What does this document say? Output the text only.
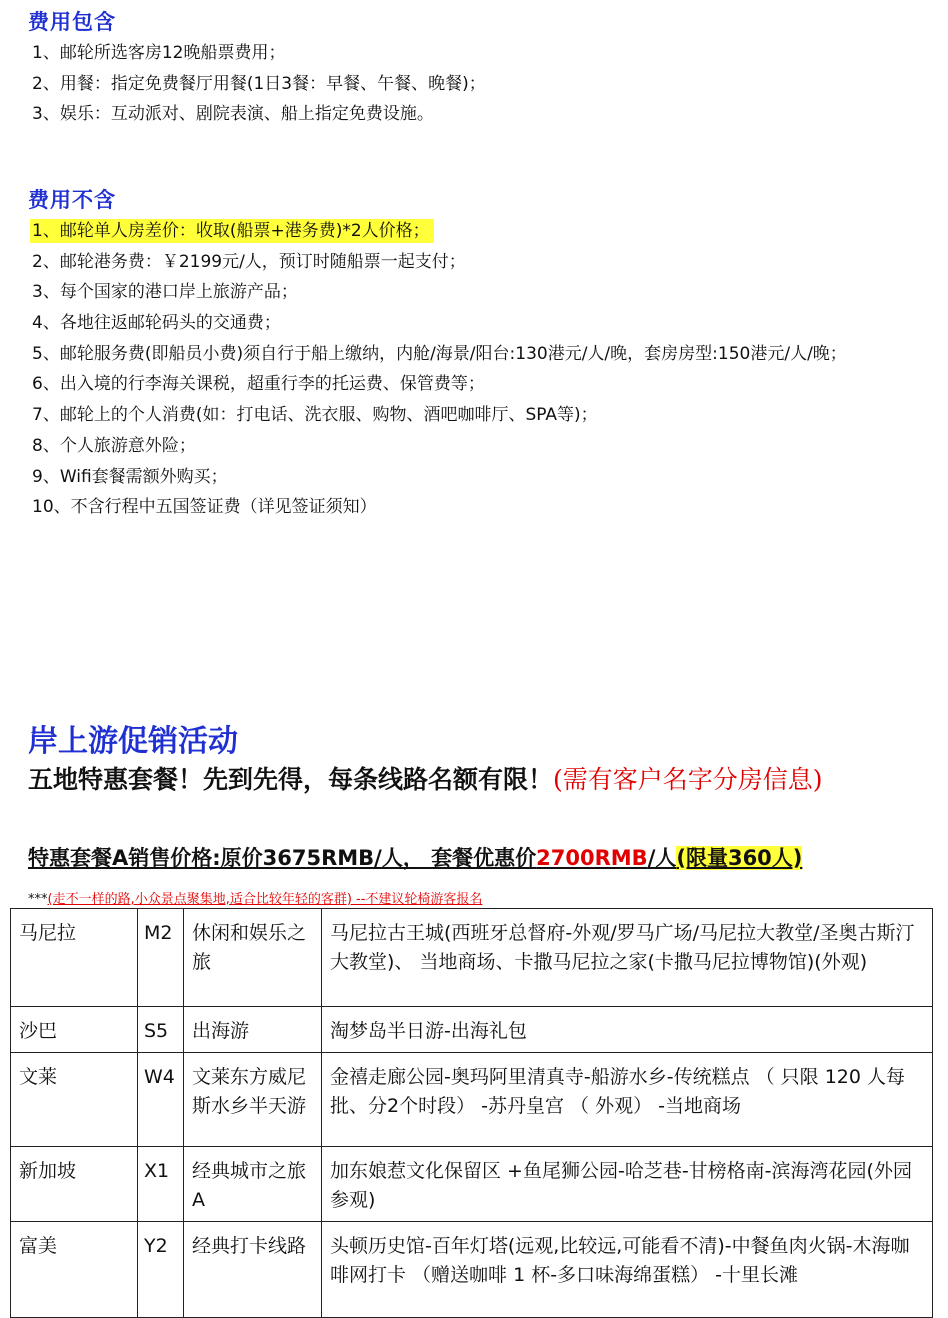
费用包含
1、邮轮所选客房12晚船票费用；
2、用餐：指定免费餐厅用餐(1日3餐：早餐、午餐、晚餐)；
3、娱乐：互动派对、剧院表演、船上指定免费设施。
费用不含
1、邮轮单人房差价：收取(船票+港务费)*2人价格；
2、邮轮港务费：￥2199元/人，预订时随船票一起支付；
3、每个国家的港口岸上旅游产品；
4、各地往返邮轮码头的交通费；
5、邮轮服务费(即船员小费)须自行于船上缴纳，内舱/海景/阳台:130港元/人/晚，套房房型:150港元/人/晚；
6、出入境的行李海关课税，超重行李的托运费、保管费等；
7、邮轮上的个人消费(如：打电话、洗衣服、购物、酒吧咖啡厅、SPA等)；
8、个人旅游意外险；
9、Wifi套餐需额外购买；
10、不含行程中五国签证费（详见签证须知）
岸上游促销活动
五地特惠套餐！先到先得，每条线路名额有限！(需有客户名字分房信息)
特惠套餐A销售价格:原价3675RMB/人， 套餐优惠价2700RMB/人(限量360人)
***(走不一样的路,小众景点聚集地,适合比较年轻的客群) --不建议轮椅游客报名
马尼拉	M2	休闲和娱乐之旅	马尼拉古王城(西班牙总督府-外观/罗马广场/马尼拉大教堂/圣奥古斯汀大教堂)、 当地商场、卡撒马尼拉之家(卡撒马尼拉博物馆)(外观)
沙巴	S5	出海游	淘梦岛半日游-出海礼包
文莱	W4	文莱东方威尼斯水乡半天游	金禧走廊公园-奥玛阿里清真寺-船游水乡-传统糕点 （ 只限 120 人每批、分2个时段） -苏丹皇宫 （ 外观） -当地商场
新加坡	X1	经典城市之旅A	加东娘惹文化保留区 +鱼尾狮公园-哈芝巷-甘榜格南-滨海湾花园(外园参观)
富美	Y2	经典打卡线路	头顿历史馆-百年灯塔(远观,比较远,可能看不清)-中餐鱼肉火锅-木海咖啡网打卡 （赠送咖啡 1 杯-多口味海绵蛋糕） -十里长滩
